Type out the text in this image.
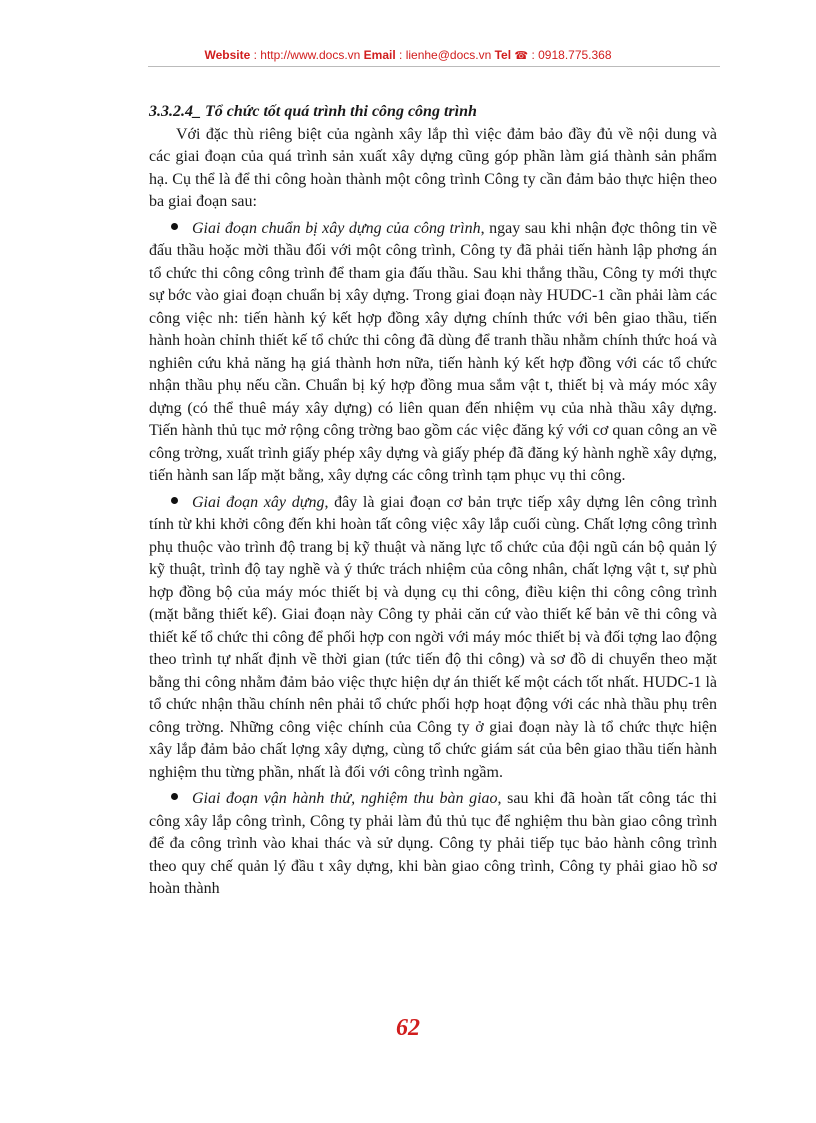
Website : http://www.docs.vn Email : lienhe@docs.vn Tel ☎ : 0918.775.368

3.3.2.4_ Tổ chức tốt quá trình thi công công trình

Với đặc thù riêng biệt của ngành xây lắp thì việc đảm bảo đầy đủ về nội dung và các giai đoạn của quá trình sản xuất xây dựng cũng góp phần làm giá thành sản phẩm hạ. Cụ thể là để thi công hoàn thành một công trình Công ty cần đảm bảo thực hiện theo ba giai đoạn sau:

Giai đoạn chuẩn bị xây dựng của công trình, ngay sau khi nhận đợc thông tin về đấu thầu hoặc mời thầu đối với một công trình, Công ty đã phải tiến hành lập phơng án tổ chức thi công công trình để tham gia đấu thầu. Sau khi thắng thầu, Công ty mới thực sự bớc vào giai đoạn chuẩn bị xây dựng. Trong giai đoạn này HUDC-1 cần phải làm các công việc nh: tiến hành ký kết hợp đồng xây dựng chính thức với bên giao thầu, tiến hành hoàn chỉnh thiết kế tổ chức thi công đã dùng để tranh thầu nhằm chính thức hoá và nghiên cứu khả năng hạ giá thành hơn nữa, tiến hành ký kết hợp đồng với các tổ chức nhận thầu phụ nếu cần. Chuẩn bị ký hợp đồng mua sắm vật t, thiết bị và máy móc xây dựng (có thể thuê máy xây dựng) có liên quan đến nhiệm vụ của nhà thầu xây dựng. Tiến hành thủ tục mở rộng công trờng bao gồm các việc đăng ký với cơ quan công an về công trờng, xuất trình giấy phép xây dựng và giấy phép đã đăng ký hành nghề xây dựng, tiến hành san lấp mặt bằng, xây dựng các công trình tạm phục vụ thi công.

Giai đoạn xây dựng, đây là giai đoạn cơ bản trực tiếp xây dựng lên công trình tính từ khi khởi công đến khi hoàn tất công việc xây lắp cuối cùng. Chất lợng công trình phụ thuộc vào trình độ trang bị kỹ thuật và năng lực tổ chức của đội ngũ cán bộ quản lý kỹ thuật, trình độ tay nghề và ý thức trách nhiệm của công nhân, chất lợng vật t, sự phù hợp đồng bộ của máy móc thiết bị và dụng cụ thi công, điều kiện thi công công trình (mặt bằng thiết kế). Giai đoạn này Công ty phải căn cứ vào thiết kế bản vẽ thi công và thiết kế tổ chức thi công để phối hợp con ngời với máy móc thiết bị và đối tợng lao động theo trình tự nhất định về thời gian (tức tiến độ thi công) và sơ đồ di chuyển theo mặt bằng thi công nhằm đảm bảo việc thực hiện dự án thiết kế một cách tốt nhất. HUDC-1 là tổ chức nhận thầu chính nên phải tổ chức phối hợp hoạt động với các nhà thầu phụ trên công trờng. Những công việc chính của Công ty ở giai đoạn này là tổ chức thực hiện xây lắp đảm bảo chất lợng xây dựng, cùng tổ chức giám sát của bên giao thầu tiến hành nghiệm thu từng phần, nhất là đối với công trình ngầm.

Giai đoạn vận hành thử, nghiệm thu bàn giao, sau khi đã hoàn tất công tác thi công xây lắp công trình, Công ty phải làm đủ thủ tục để nghiệm thu bàn giao công trình để đa công trình vào khai thác và sử dụng. Công ty phải tiếp tục bảo hành công trình theo quy chế quản lý đầu t xây dựng, khi bàn giao công trình, Công ty phải giao hồ sơ hoàn thành

62
